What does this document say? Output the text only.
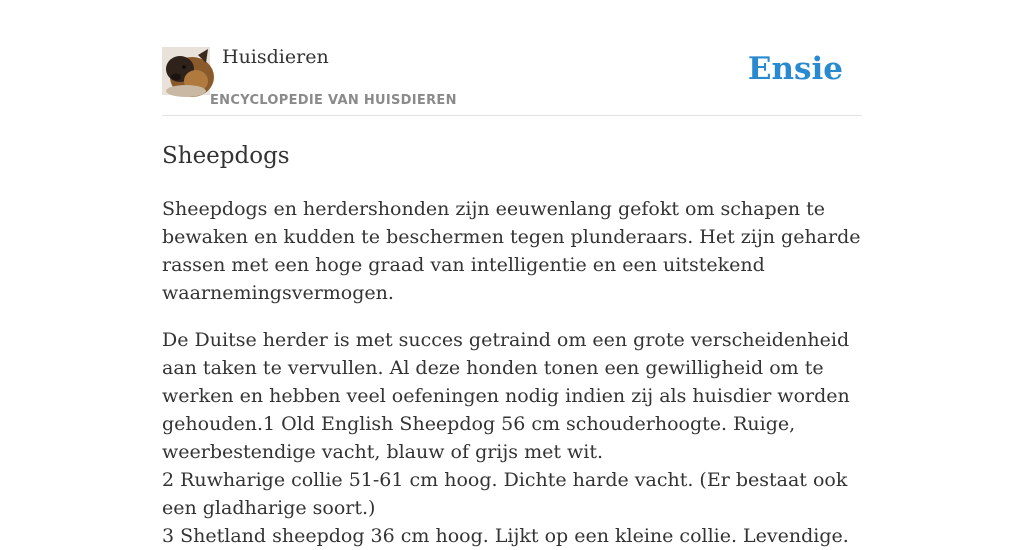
Huisdieren
ENCYCLOPEDIE VAN HUISDIEREN
Ensie
Sheepdogs

Sheepdogs en herdershonden zijn eeuwenlang gefokt om schapen te bewaken en kudden te beschermen tegen plunderaars. Het zijn geharde rassen met een hoge graad van intelligentie en een uitstekend waarnemingsvermogen.

De Duitse herder is met succes getraind om een grote verscheidenheid aan taken te vervullen. Al deze honden tonen een gewilligheid om te werken en hebben veel oefeningen nodig indien zij als huisdier worden gehouden.1 Old English Sheepdog 56 cm schouderhoogte. Ruige, weerbestendige vacht, blauw of grijs met wit.
2 Ruwharige collie 51-61 cm hoog. Dichte harde vacht. (Er bestaat ook een gladharige soort.)
3 Shetland sheepdog 36 cm hoog. Lijkt op een kleine collie. Levendige.
